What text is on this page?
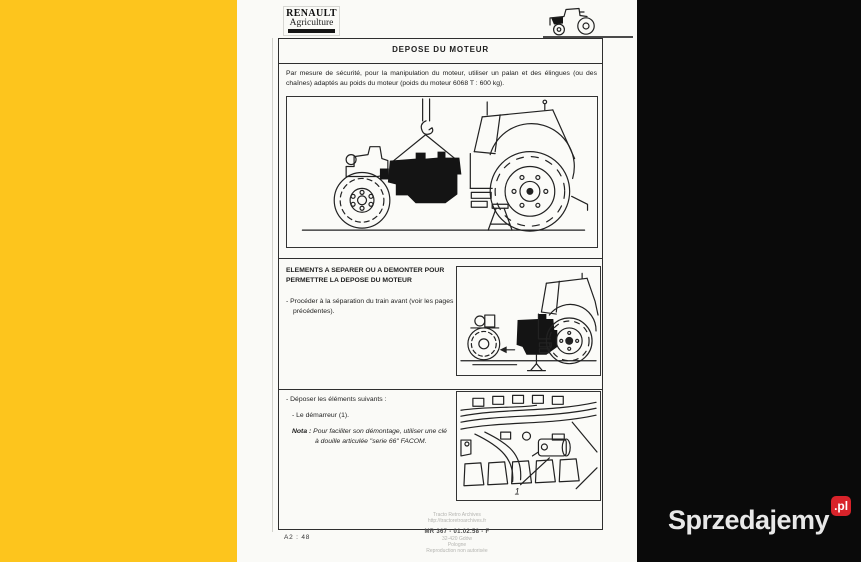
RENAULT
Agriculture
DEPOSE DU MOTEUR
Par mesure de sécurité, pour la manipulation du moteur, utiliser un palan et des élingues (ou des chaînes) adaptés au poids du moteur (poids du moteur 6068 T : 600 kg).
ELEMENTS A SEPARER OU A DEMONTER POUR PERMETTRE LA DEPOSE DU MOTEUR
- Procéder à la séparation du train avant (voir les pages précédentes).
- Déposer les éléments suivants :
- Le démarreur (1).
Nota : Pour faciliter son démontage, utiliser une clé à douille articulée "serie 66" FACOM.
1
A2 : 48
Tracto Retro Archives
http://tractoretroarchives.fr
MR 367 - 01.02.58 - F
32-420 Gdów
Pologne
Reproduction non autorisée
Sprzedajemy .pl
